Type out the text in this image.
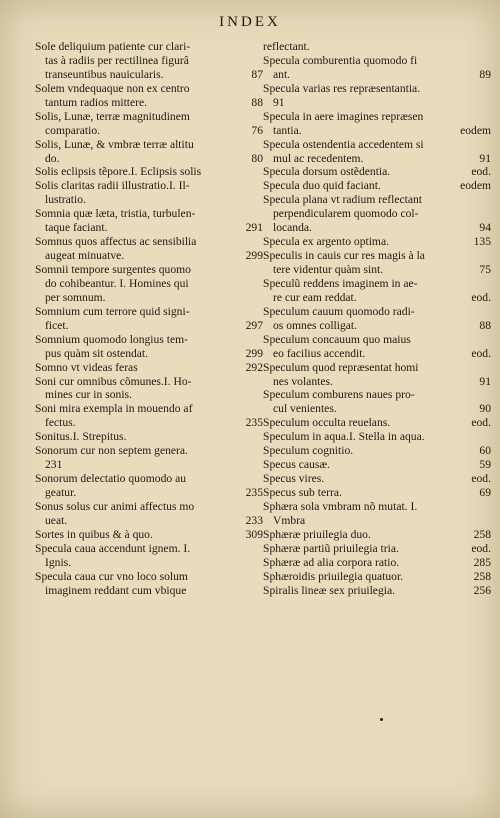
INDEX
Sole deliquium patiente cur clari-
tas à radiis per rectilinea figurâ
transeuntibus nauicularis.	87
Solem vndequaque non ex centro
tantum radios mittere.	88
Solis, Lunæ, terræ magnitudinem
comparatio.	76
Solis, Lunæ, & vmbræ terræ altitu
do.	80
Solis eclipsis tẽpore.I. Eclipsis solis
Solis claritas radii illustratio.I. Il-
lustratio.
Somnia quæ læta, tristia, turbulen-
taque faciant.	291
Somnus quos affectus ac sensibilia
augeat minuatve.	299
Somnii tempore surgentes quomo
do cohibeantur. I. Homines qui
per somnum.
Somnium cum terrore quid signi-
ficet.	297
Somnium quomodo longius tem-
pus quàm sit ostendat.	299
Somno vt videas feras	292
Soni cur omnibus cõmunes.I. Ho-
mines cur in sonis.
Soni mira exempla in mouendo af
fectus.	235
Sonitus.I. Strepitus.
Sonorum cur non septem genera.
231
Sonorum delectatio quomodo au
geatur.	235
Sonus solus cur animi affectus mo
ueat.	233
Sortes in quibus & à quo.	309
Specula caua accendunt ignem. I.
Ignis.
Specula caua cur vno loco solum
imaginem reddant cum vbique
reflectant.
Specula comburentia quomodo fi
ant.	89
Specula varias res repræsentantia.
91
Specula in aere imagines repræsen
tantia.	eodem
Specula ostendentia accedentem si
mul ac recedentem.	91
Specula dorsum ostẽdentia.	eod.
Specula duo quid faciant.	eodem
Specula plana vt radium reflectant
perpendicularem quomodo col-
locanda.	94
Specula ex argento optima.	135
Speculis in cauis cur res magis à la
tere videntur quàm sint.	75
Speculũ reddens imaginem in ae-
re cur eam reddat.	eod.
Speculum cauum quomodo radi-
os omnes colligat.	88
Speculum concauum quo maius
eo facilius accendit.	eod.
Speculum quod repræsentat homi
nes volantes.	91
Speculum comburens naues pro-
cul venientes.	90
Speculum occulta reuelans.	eod.
Speculum in aqua.I. Stella in aqua.
Speculum cognitio.	60
Specus causæ.	59
Specus vires.	eod.
Specus sub terra.	69
Sphæra sola vmbram nõ mutat. I.
Vmbra
Sphæræ priuilegia duo.	258
Sphæræ partiũ priuilegia tria.	eod.
Sphæræ ad alia corpora ratio.	285
Sphæroidis priuilegia quatuor.	258
Spiralis lineæ sex priuilegia.	256
